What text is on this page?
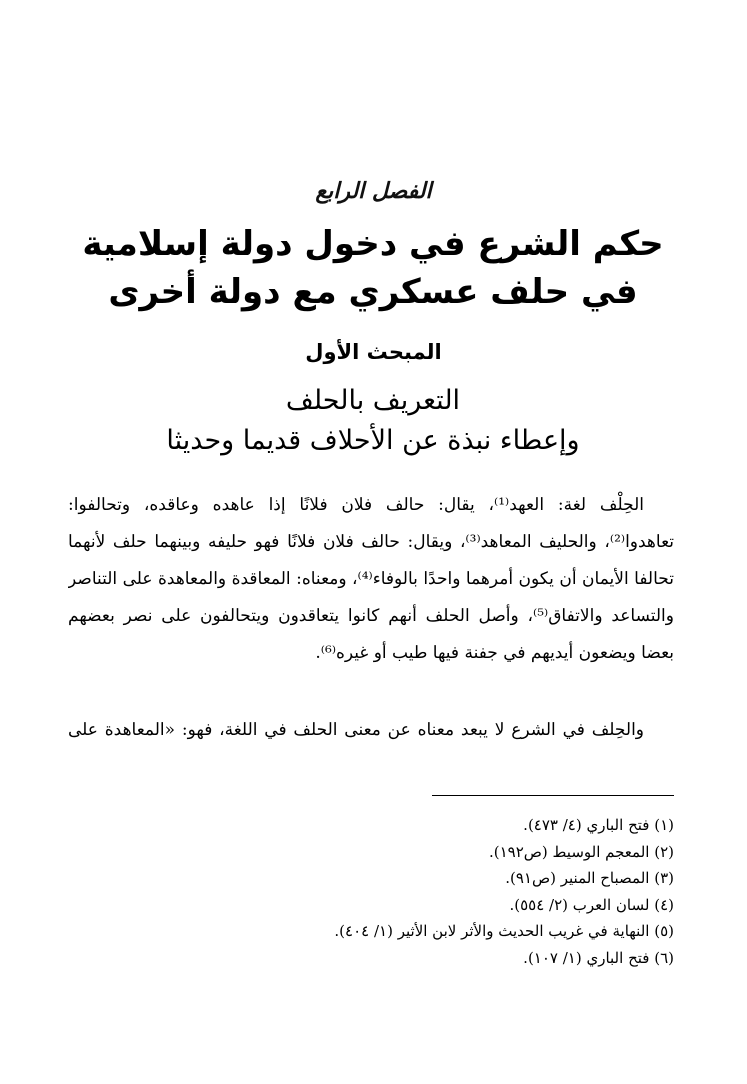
الفصل الرابع
حكم الشرع في دخول دولة إسلامية
في حلف عسكري مع دولة أخرى
المبحث الأول
التعريف بالحلف
وإعطاء نبذة عن الأحلاف قديما وحديثا
الحِلْف لغة: العهد⁽¹⁾، يقال: حالف فلان فلانًا إذا عاهده وعاقده، وتحالفوا:
تعاهدوا⁽²⁾، والحليف المعاهد⁽³⁾، ويقال: حالف فلان فلانًا فهو حليفه وبينهما حلف لأنهما
تحالفا الأيمان أن يكون أمرهما واحدًا بالوفاء⁽⁴⁾، ومعناه: المعاقدة والمعاهدة على التناصر
والتساعد والاتفاق⁽⁵⁾، وأصل الحلف أنهم كانوا يتعاقدون ويتحالفون على نصر بعضهم
بعضا ويضعون أيديهم في جفنة فيها طيب أو غيره⁽⁶⁾.
والحِلف في الشرع لا يبعد معناه عن معنى الحلف في اللغة، فهو: «المعاهدة على
(١) فتح الباري (٤/ ٤٧٣).
(٢) المعجم الوسيط (ص١٩٢).
(٣) المصباح المنير (ص٩١).
(٤) لسان العرب (٢/ ٥٥٤).
(٥) النهاية في غريب الحديث والأثر لابن الأثير (١/ ٤٠٤).
(٦) فتح الباري (١/ ١٠٧).
